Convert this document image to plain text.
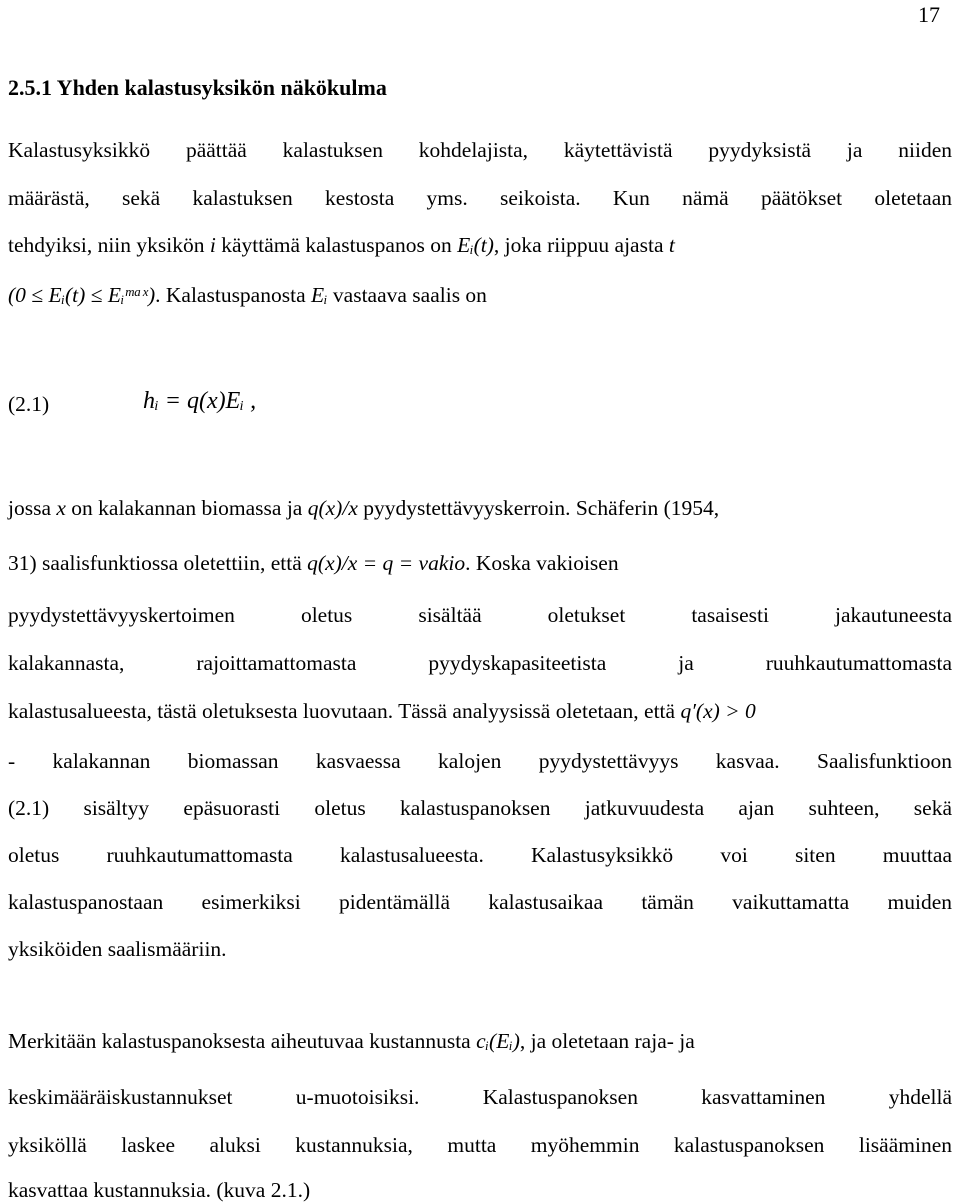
17
2.5.1 Yhden kalastusyksikön näkökulma
Kalastusyksikkö päättää kalastuksen kohdelajista, käytettävistä pyydyksistä ja niiden
määrästä, sekä kalastuksen kestosta yms. seikoista. Kun nämä päätökset oletetaan
tehdyiksi, niin yksikön i käyttämä kalastuspanos on Eᵢ(t), joka riippuu ajasta t
(0 ≤ Eᵢ(t) ≤ Eᵢᵐᵃˣ). Kalastuspanosta Eᵢ vastaava saalis on
(2.1)	hᵢ = q(x)Eᵢ ,
jossa x on kalakannan biomassa ja q(x)/x pyydystettävyyskerroin. Schäferin (1954,
31) saalisfunktiossa oletettiin, että q(x)/x = q = vakio. Koska vakioisen
pyydystettävyyskertoimen oletus sisältää oletukset tasaisesti jakautuneesta
kalakannasta, rajoittamattomasta pyydyskapasiteetista ja ruuhkautumattomasta
kalastusalueesta, tästä oletuksesta luovutaan. Tässä analyysissä oletetaan, että q′(x) > 0
- kalakannan biomassan kasvaessa kalojen pyydystettävyys kasvaa. Saalisfunktioon
(2.1) sisältyy epäsuorasti oletus kalastuspanoksen jatkuvuudesta ajan suhteen, sekä
oletus ruuhkautumattomasta kalastusalueesta. Kalastusyksikkö voi siten muuttaa
kalastuspanostaan esimerkiksi pidentämällä kalastusaikaa tämän vaikuttamatta muiden
yksiköiden saalismääriin.
Merkitään kalastuspanoksesta aiheutuvaa kustannusta cᵢ(Eᵢ), ja oletetaan raja- ja
keskimääräiskustannukset u-muotoisiksi. Kalastuspanoksen kasvattaminen yhdellä
yksiköllä laskee aluksi kustannuksia, mutta myöhemmin kalastuspanoksen lisääminen
kasvattaa kustannuksia. (kuva 2.1.)
